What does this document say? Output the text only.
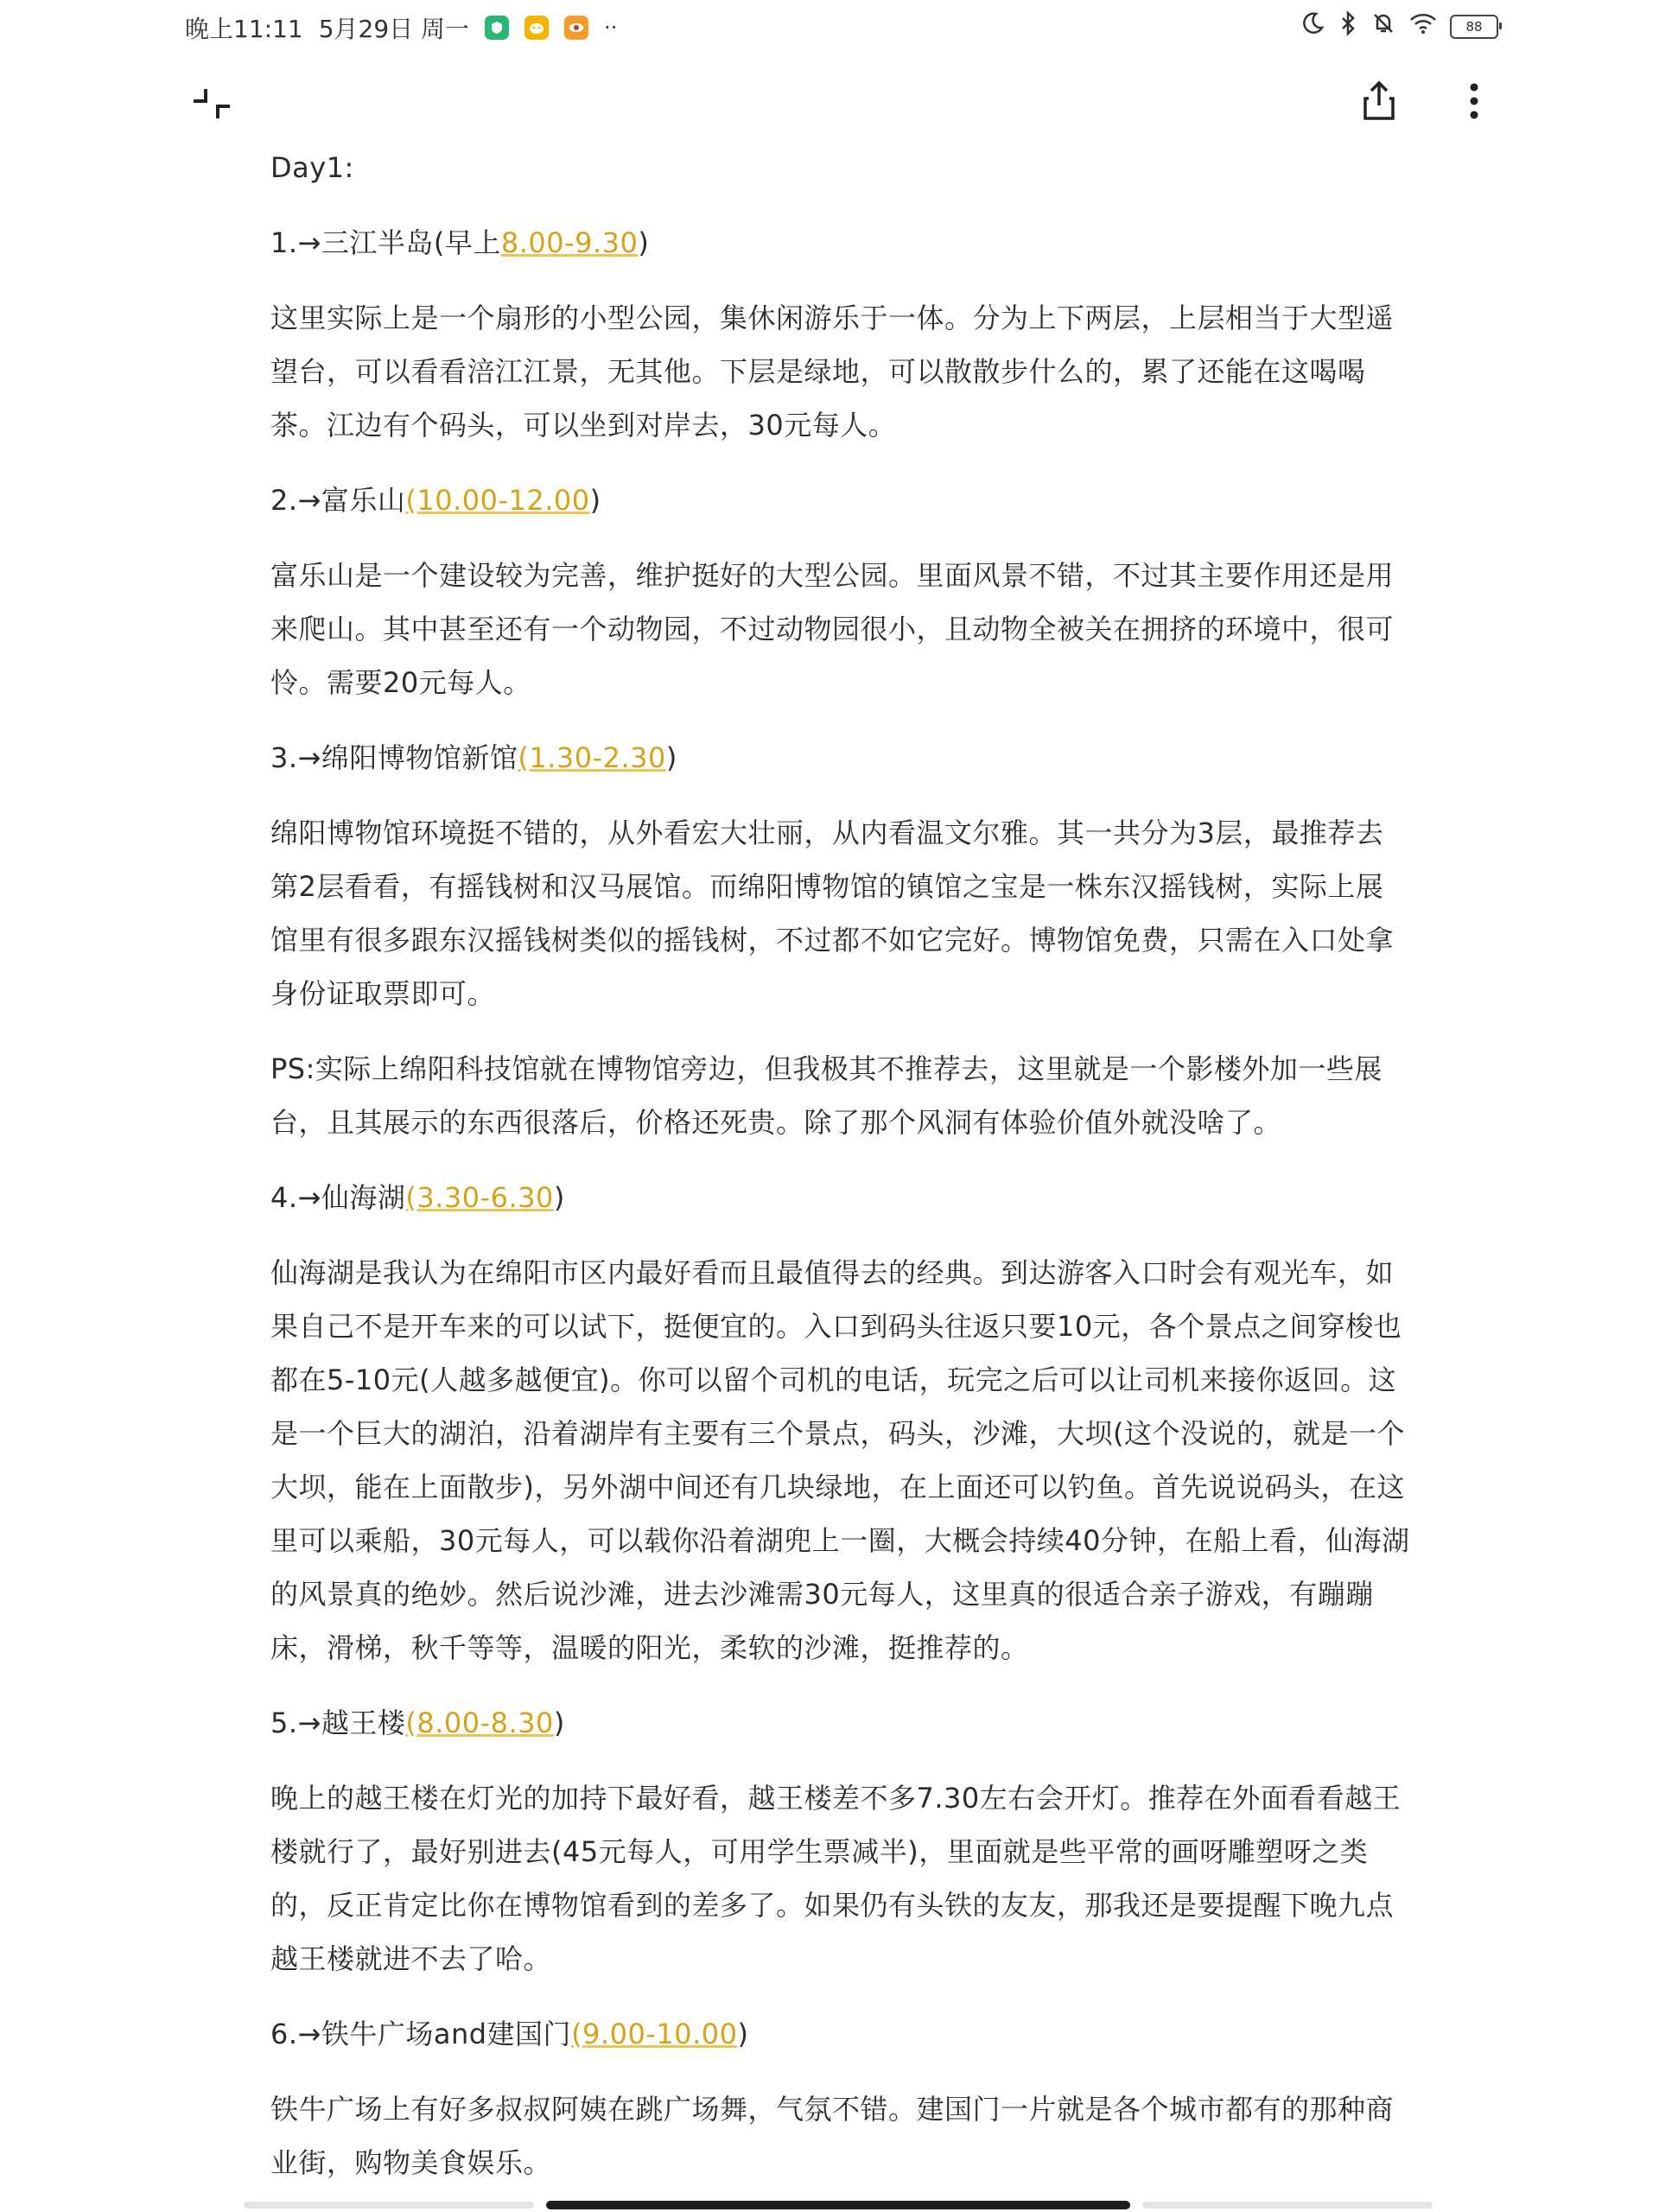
晚上11:11 5月29日 周一	··	88

Day1:

1.→三江半岛(早上8.00-9.30)

这里实际上是一个扇形的小型公园，集休闲游乐于一体。分为上下两层，上层相当于大型遥望台，可以看看涪江江景，无其他。下层是绿地，可以散散步什么的，累了还能在这喝喝茶。江边有个码头，可以坐到对岸去，30元每人。

2.→富乐山(10.00-12.00)

富乐山是一个建设较为完善，维护挺好的大型公园。里面风景不错，不过其主要作用还是用来爬山。其中甚至还有一个动物园，不过动物园很小，且动物全被关在拥挤的环境中，很可怜。需要20元每人。

3.→绵阳博物馆新馆(1.30-2.30)

绵阳博物馆环境挺不错的，从外看宏大壮丽，从内看温文尔雅。其一共分为3层，最推荐去第2层看看，有摇钱树和汉马展馆。而绵阳博物馆的镇馆之宝是一株东汉摇钱树，实际上展馆里有很多跟东汉摇钱树类似的摇钱树，不过都不如它完好。博物馆免费，只需在入口处拿身份证取票即可。

PS:实际上绵阳科技馆就在博物馆旁边，但我极其不推荐去，这里就是一个影楼外加一些展台，且其展示的东西很落后，价格还死贵。除了那个风洞有体验价值外就没啥了。

4.→仙海湖(3.30-6.30)

仙海湖是我认为在绵阳市区内最好看而且最值得去的经典。到达游客入口时会有观光车，如果自己不是开车来的可以试下，挺便宜的。入口到码头往返只要10元，各个景点之间穿梭也都在5-10元(人越多越便宜)。你可以留个司机的电话，玩完之后可以让司机来接你返回。这是一个巨大的湖泊，沿着湖岸有主要有三个景点，码头，沙滩，大坝(这个没说的，就是一个大坝，能在上面散步)，另外湖中间还有几块绿地，在上面还可以钓鱼。首先说说码头，在这里可以乘船，30元每人，可以载你沿着湖兜上一圈，大概会持续40分钟，在船上看，仙海湖的风景真的绝妙。然后说沙滩，进去沙滩需30元每人，这里真的很适合亲子游戏，有蹦蹦床，滑梯，秋千等等，温暖的阳光，柔软的沙滩，挺推荐的。

5.→越王楼(8.00-8.30)

晚上的越王楼在灯光的加持下最好看，越王楼差不多7.30左右会开灯。推荐在外面看看越王楼就行了，最好别进去(45元每人，可用学生票减半)，里面就是些平常的画呀雕塑呀之类的，反正肯定比你在博物馆看到的差多了。如果仍有头铁的友友，那我还是要提醒下晚九点越王楼就进不去了哈。

6.→铁牛广场and建国门(9.00-10.00)

铁牛广场上有好多叔叔阿姨在跳广场舞，气氛不错。建国门一片就是各个城市都有的那种商业街，购物美食娱乐。
